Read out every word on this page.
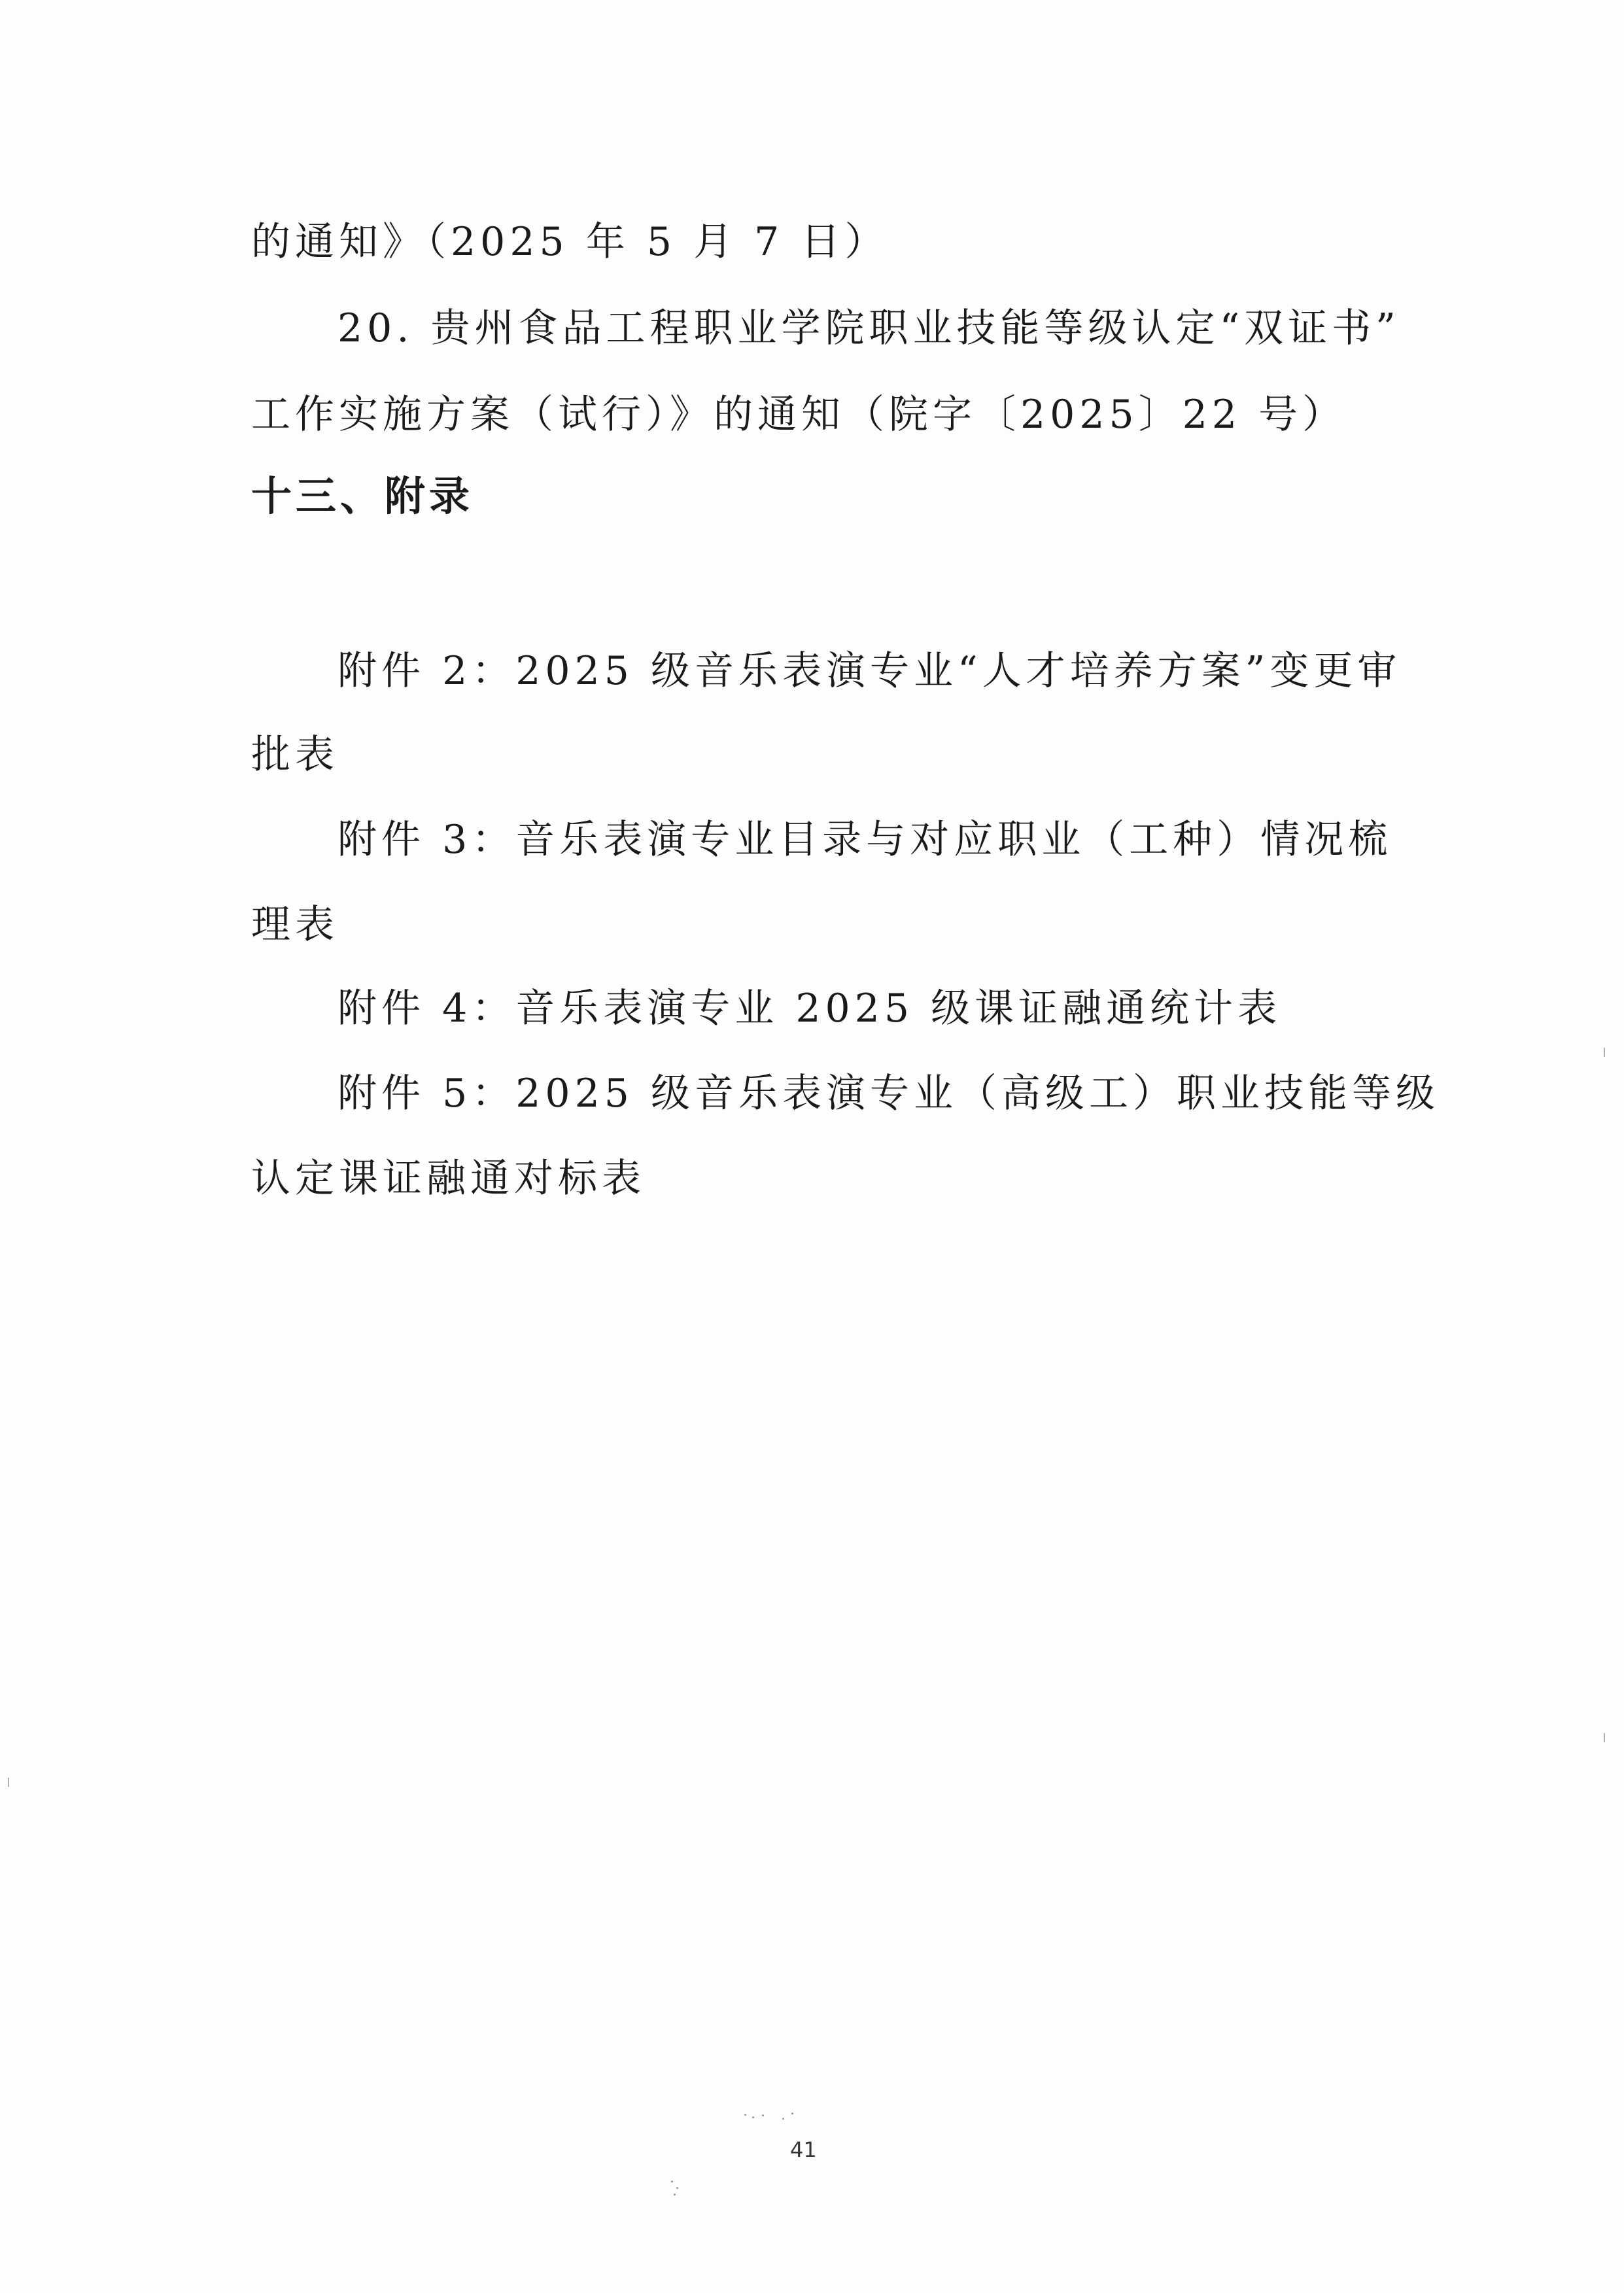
的通知》（2025 年 5 月 7 日）
20. 贵州食品工程职业学院职业技能等级认定“双证书”
工作实施方案（试行）》的通知（院字〔2025〕22 号）
十三、附录
附件 2：2025 级音乐表演专业“人才培养方案”变更审
批表
附件 3：音乐表演专业目录与对应职业（工种）情况梳
理表
附件 4：音乐表演专业 2025 级课证融通统计表
附件 5：2025 级音乐表演专业（高级工）职业技能等级
认定课证融通对标表
41
